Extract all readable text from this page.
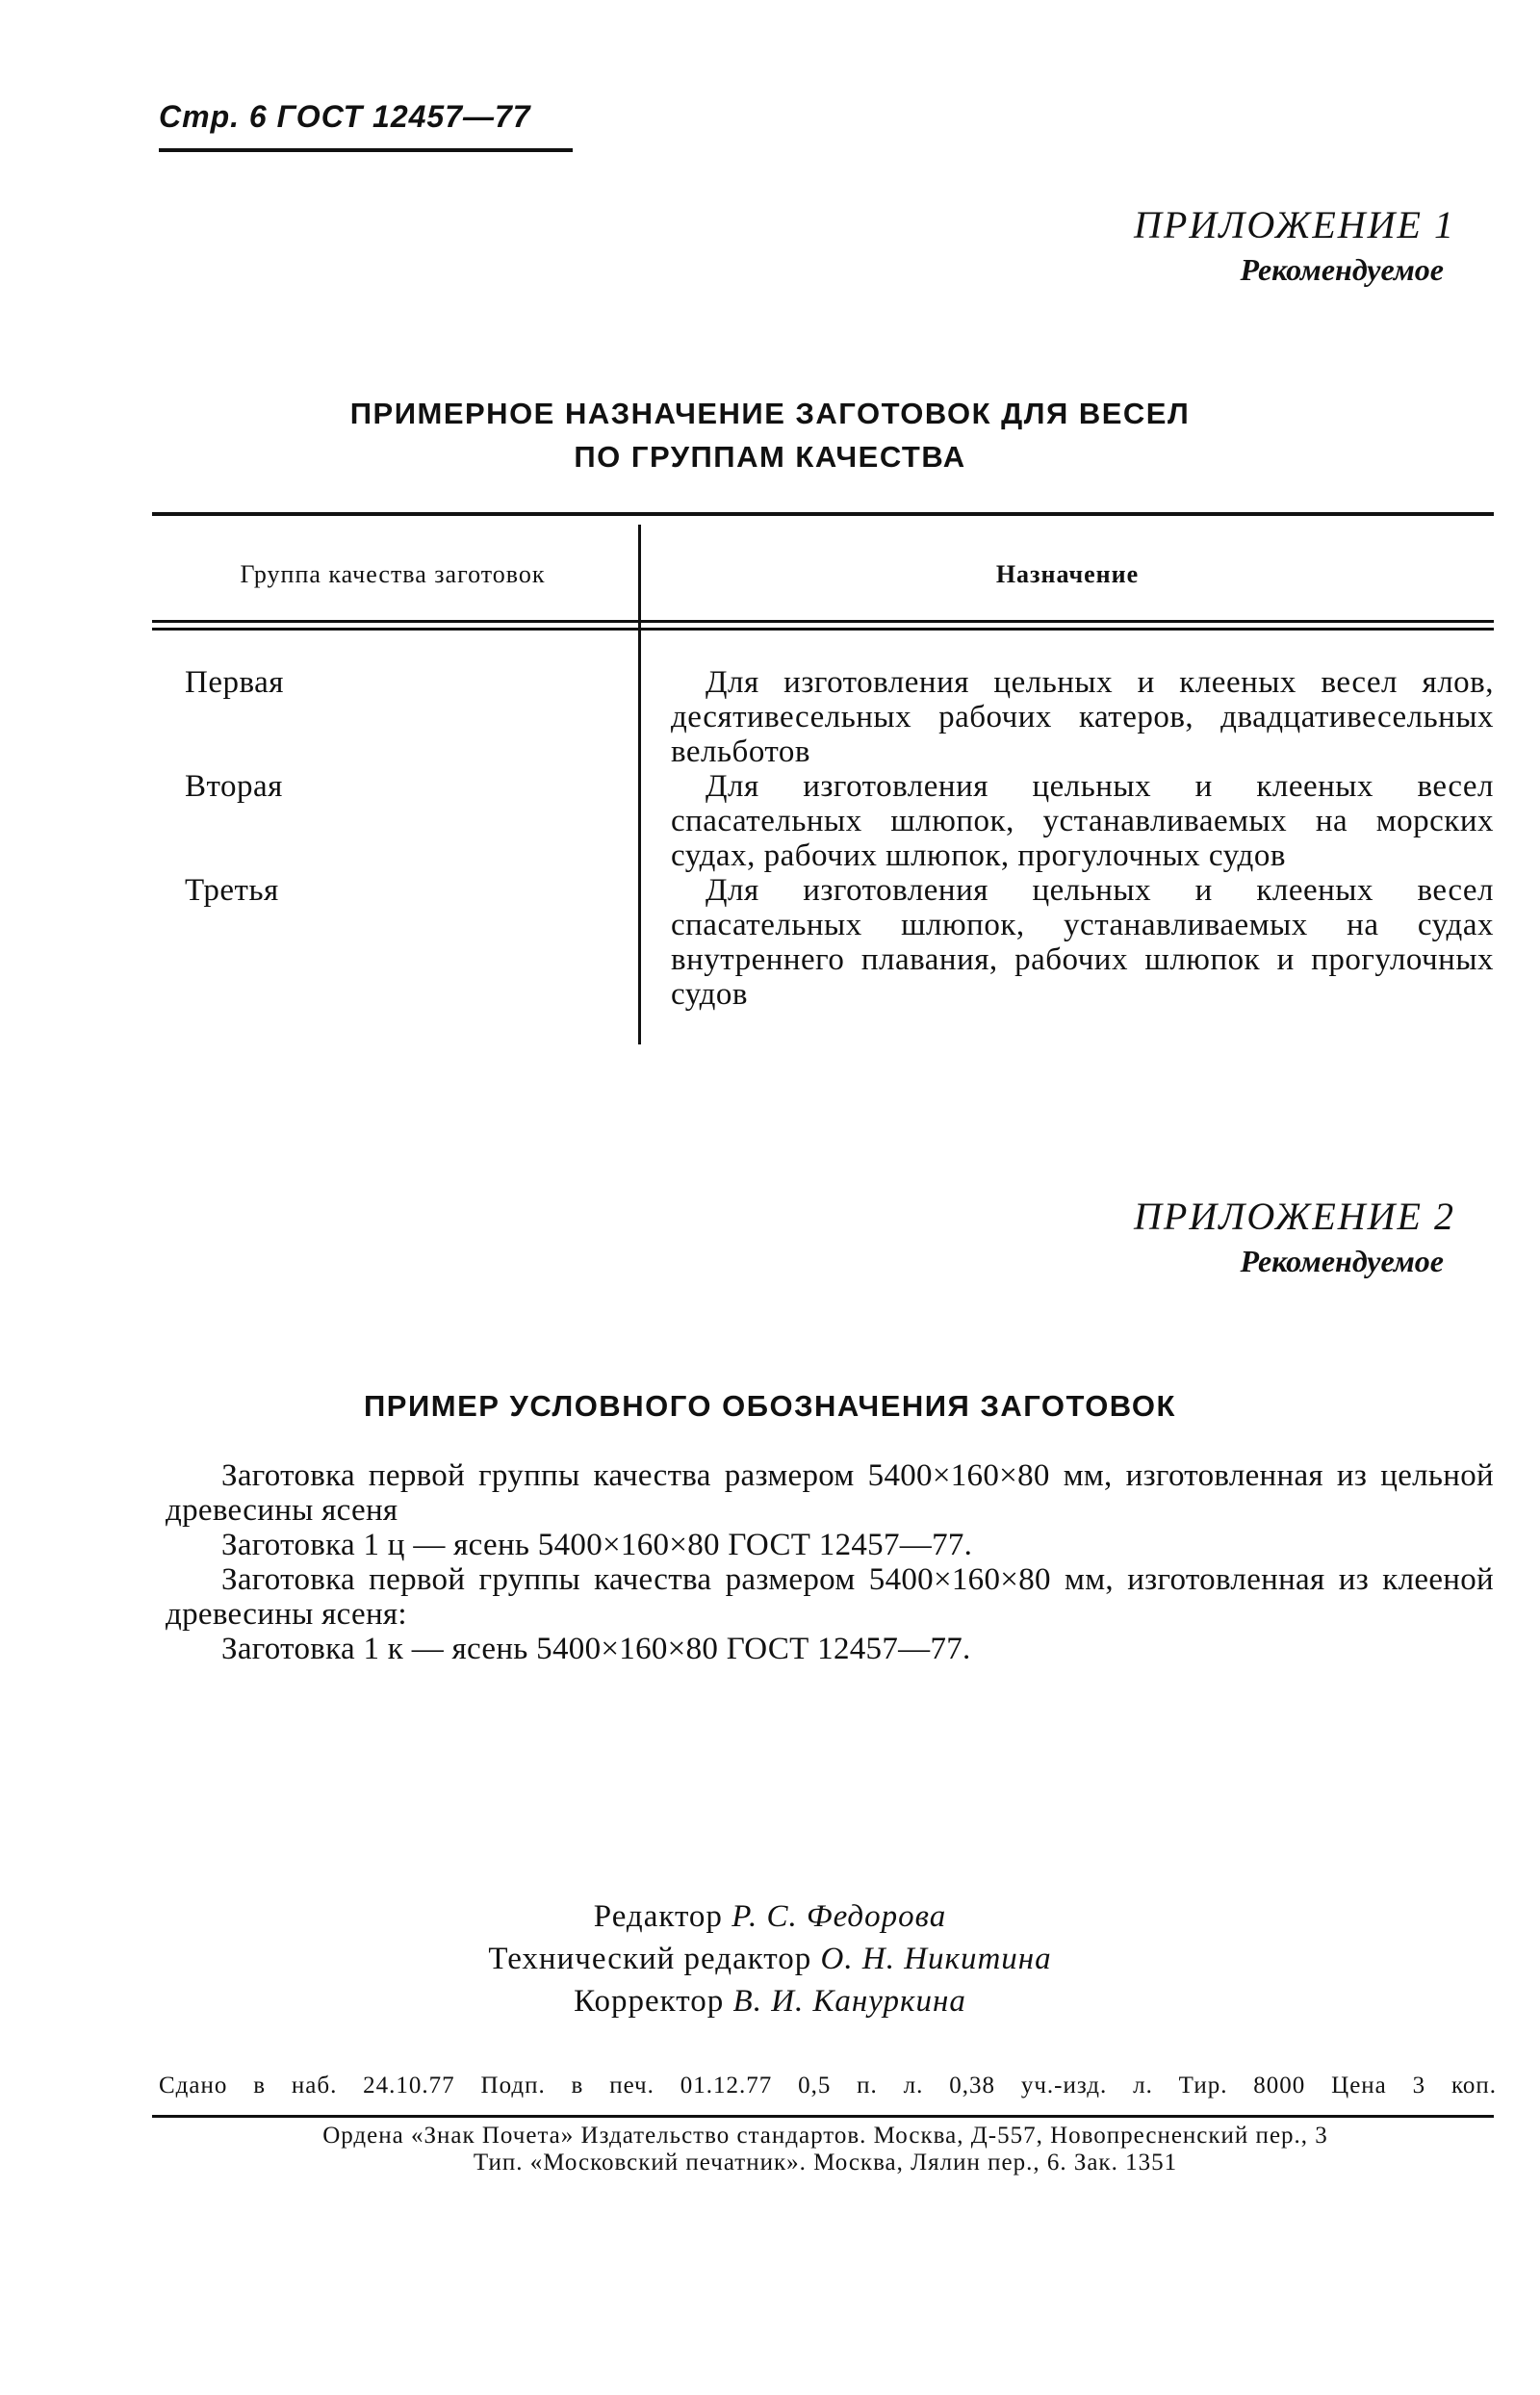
Стр. 6 ГОСТ 12457—77
ПРИЛОЖЕНИЕ 1
Рекомендуемое
ПРИМЕРНОЕ НАЗНАЧЕНИЕ ЗАГОТОВОК ДЛЯ ВЕСЕЛ
ПО ГРУППАМ КАЧЕСТВА
Группа качества заготовок	Назначение
Первая	Для изготовления цельных и клееных весел ялов, десятивесельных рабочих катеров, двадцативесельных вельботов
Вторая	Для изготовления цельных и клееных весел спасательных шлюпок, устанавливаемых на морских судах, рабочих шлюпок, прогулочных судов
Третья	Для изготовления цельных и клееных весел спасательных шлюпок, устанавливаемых на судах внутреннего плавания, рабочих шлюпок и прогулочных судов
ПРИЛОЖЕНИЕ 2
Рекомендуемое
ПРИМЕР УСЛОВНОГО ОБОЗНАЧЕНИЯ ЗАГОТОВОК
Заготовка первой группы качества размером 5400×160×80 мм, изготовленная из цельной древесины ясеня
Заготовка 1 ц — ясень 5400×160×80 ГОСТ 12457—77.
Заготовка первой группы качества размером 5400×160×80 мм, изготовленная из клееной древесины ясеня:
Заготовка 1 к — ясень 5400×160×80 ГОСТ 12457—77.
Редактор Р. С. Федорова
Технический редактор О. Н. Никитина
Корректор В. И. Кануркина
Сдано в наб. 24.10.77 Подп. в печ. 01.12.77 0,5 п. л. 0,38 уч.-изд. л. Тир. 8000 Цена 3 коп.
Ордена «Знак Почета» Издательство стандартов. Москва, Д-557, Новопресненский пер., 3
Тип. «Московский печатник». Москва, Лялин пер., 6. Зак. 1351
